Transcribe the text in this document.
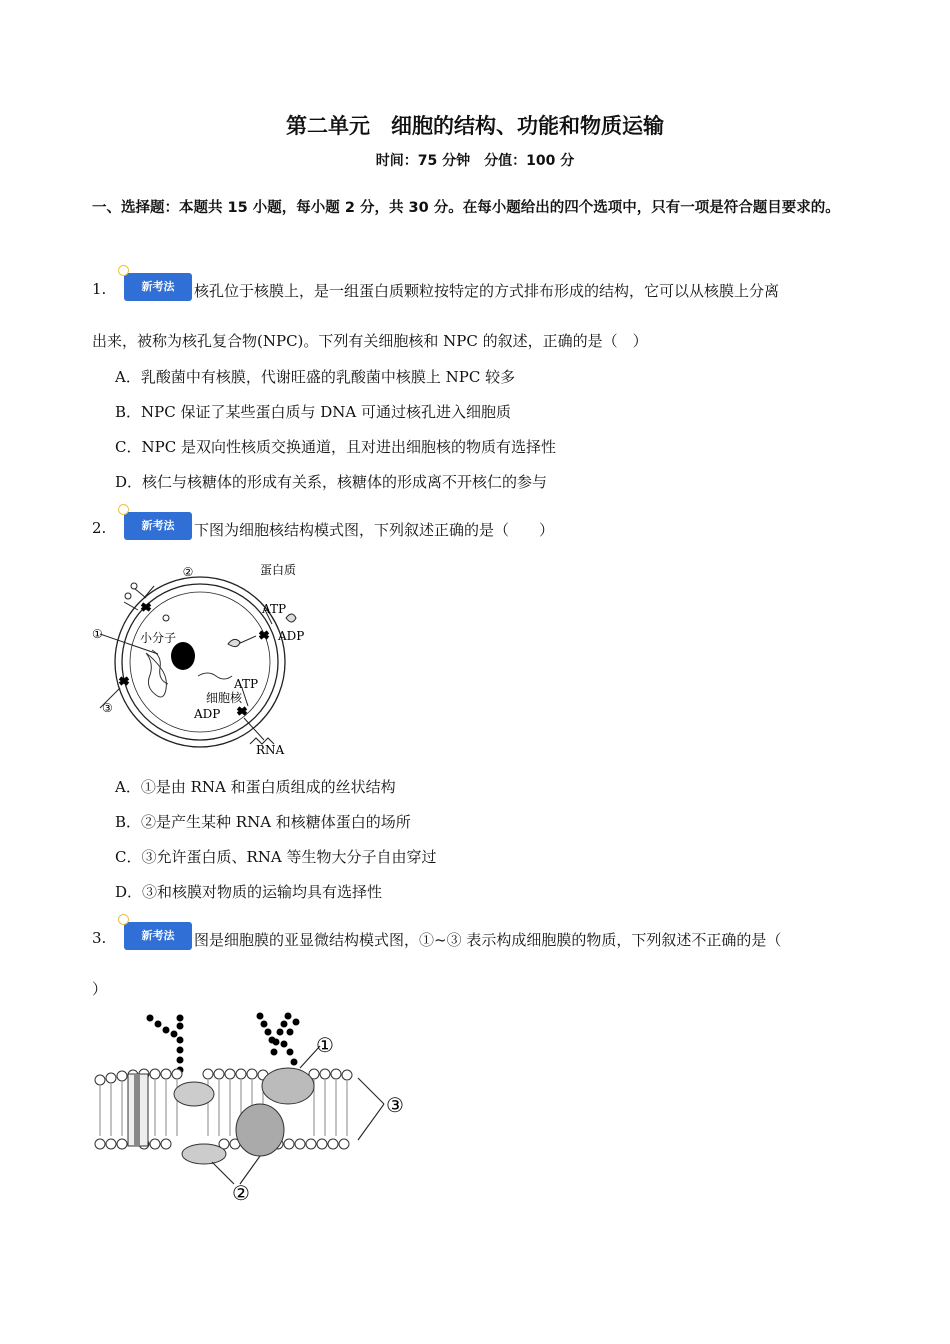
第二单元　细胞的结构、功能和物质运输
时间：75 分钟　分值：100 分
一、选择题：本题共 15 小题，每小题 2 分，共 30 分。在每小题给出的四个选项中，只有一项是符合题目要求的。
1.	新考法	核孔位于核膜上，是一组蛋白质颗粒按特定的方式排布形成的结构，它可以从核膜上分离
出来，被称为核孔复合物(NPC)。下列有关细胞核和 NPC 的叙述，正确的是（　）
A．乳酸菌中有核膜，代谢旺盛的乳酸菌中核膜上 NPC 较多
B．NPC 保证了某些蛋白质与 DNA 可通过核孔进入细胞质
C．NPC 是双向性核质交换通道，且对进出细胞核的物质有选择性
D．核仁与核糖体的形成有关系，核糖体的形成离不开核仁的参与
2.	新考法	下图为细胞核结构模式图，下列叙述正确的是（　　）
②	蛋白质
ATP
ADP
①	小分子
ATP
细胞核
ADP
③
RNA
A．①是由 RNA 和蛋白质组成的丝状结构
B．②是产生某种 RNA 和核糖体蛋白的场所
C．③允许蛋白质、RNA 等生物大分子自由穿过
D．③和核膜对物质的运输均具有选择性
3.	新考法	图是细胞膜的亚显微结构模式图，①~③ 表示构成细胞膜的物质，下列叙述不正确的是（
）
①
③
②
